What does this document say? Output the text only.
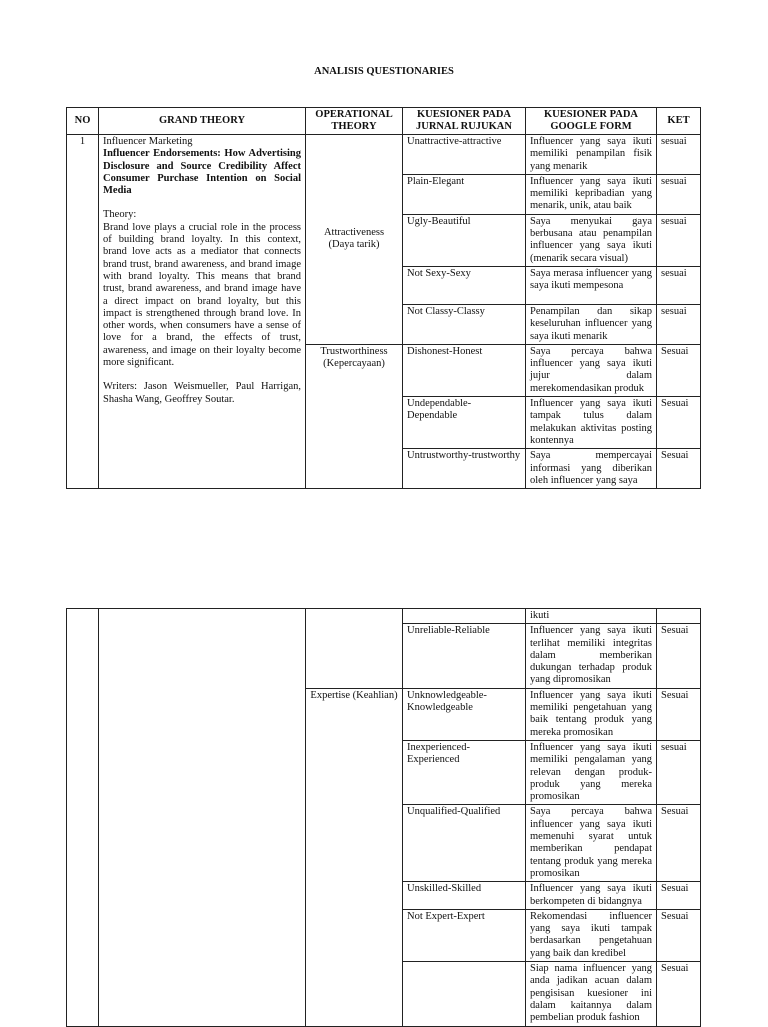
ANALISIS QUESTIONARIES
NO	GRAND THEORY	OPERATIONAL THEORY	KUESIONER PADA JURNAL RUJUKAN	KUESIONER PADA GOOGLE FORM	KET
1	Influencer Marketing
Influencer Endorsements: How Advertising Disclosure and Source Credibility Affect Consumer Purchase Intention on Social Media
Theory:
Brand love plays a crucial role in the process of building brand loyalty. In this context, brand love acts as a mediator that connects brand trust, brand awareness, and brand image with brand loyalty. This means that brand trust, brand awareness, and brand image have a direct impact on brand loyalty, but this impact is strengthened through brand love. In other words, when consumers have a sense of love for a brand, the effects of trust, awareness, and image on their loyalty become more significant.
Writers: Jason Weismueller, Paul Harrigan, Shasha Wang, Geoffrey Soutar.	Attractiveness (Daya tarik)	Unattractive-attractive	Influencer yang saya ikuti memiliki penampilan fisik yang menarik	sesuai
			Plain-Elegant	Influencer yang saya ikuti memiliki kepribadian yang menarik, unik, atau baik	sesuai
			Ugly-Beautiful	Saya menyukai gaya berbusana atau penampilan influencer yang saya ikuti (menarik secara visual)	sesuai
			Not Sexy-Sexy	Saya merasa influencer yang saya ikuti mempesona	sesuai
			Not Classy-Classy	Penampilan dan sikap keseluruhan influencer yang saya ikuti menarik	sesuai
		Trustworthiness (Kepercayaan)	Dishonest-Honest	Saya percaya bahwa influencer yang saya ikuti jujur dalam merekomendasikan produk	Sesuai
			Undependable-Dependable	Influencer yang saya ikuti tampak tulus dalam melakukan aktivitas posting kontennya	Sesuai
			Untrustworthy-trustworthy	Saya mempercayai informasi yang diberikan oleh influencer yang saya	Sesuai
				ikuti	
			Unreliable-Reliable	Influencer yang saya ikuti terlihat memiliki integritas dalam memberikan dukungan terhadap produk yang dipromosikan	Sesuai
		Expertise (Keahlian)	Unknowledgeable-Knowledgeable	Influencer yang saya ikuti memiliki pengetahuan yang baik tentang produk yang mereka promosikan	Sesuai
			Inexperienced-Experienced	Influencer yang saya ikuti memiliki pengalaman yang relevan dengan produk-produk yang mereka promosikan	sesuai
			Unqualified-Qualified	Saya percaya bahwa influencer yang saya ikuti memenuhi syarat untuk memberikan pendapat tentang produk yang mereka promosikan	Sesuai
			Unskilled-Skilled	Influencer yang saya ikuti berkompeten di bidangnya	Sesuai
			Not Expert-Expert	Rekomendasi influencer yang saya ikuti tampak berdasarkan pengetahuan yang baik dan kredibel	Sesuai
				Siap nama influencer yang anda jadikan acuan dalam pengisisan kuesioner ini dalam kaitannya dalam pembelian produk fashion	Sesuai
